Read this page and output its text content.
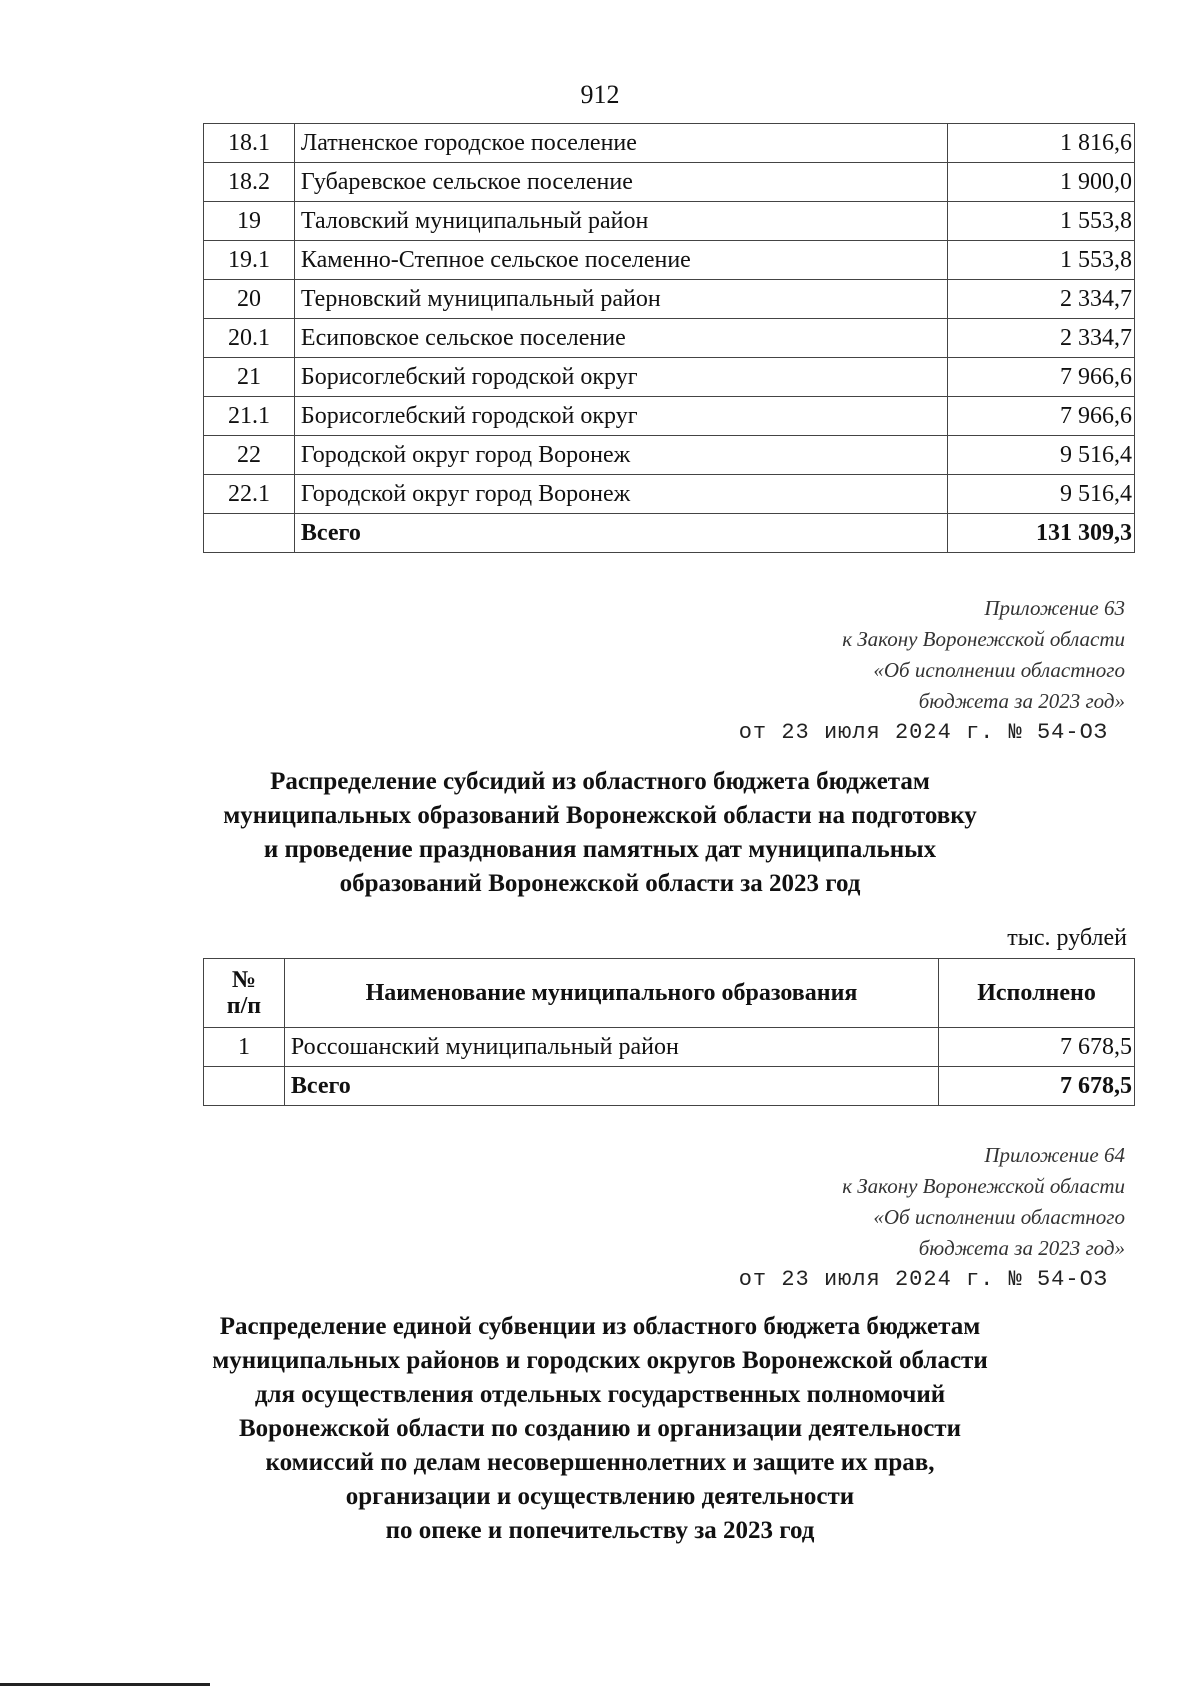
912
18.1	Латненское городское поселение	1 816,6
18.2	Губаревское сельское поселение	1 900,0
19	Таловский муниципальный район	1 553,8
19.1	Каменно-Степное сельское поселение	1 553,8
20	Терновский муниципальный район	2 334,7
20.1	Есиповское сельское поселение	2 334,7
21	Борисоглебский городской округ	7 966,6
21.1	Борисоглебский городской округ	7 966,6
22	Городской округ город Воронеж	9 516,4
22.1	Городской округ город Воронеж	9 516,4
	Всего	131 309,3
Приложение 63
к Закону Воронежской области
«Об исполнении областного
бюджета за 2023 год»
от 23 июля 2024 г. № 54-ОЗ
Распределение субсидий из областного бюджета бюджетам
муниципальных образований Воронежской области на подготовку
и проведение празднования памятных дат муниципальных
образований Воронежской области за 2023 год
тыс. рублей
№
п/п	Наименование муниципального образования	Исполнено
1	Россошанский муниципальный район	7 678,5
	Всего	7 678,5
Приложение 64
к Закону Воронежской области
«Об исполнении областного
бюджета за 2023 год»
от 23 июля 2024 г. № 54-ОЗ
Распределение единой субвенции из областного бюджета бюджетам
муниципальных районов и городских округов Воронежской области
для осуществления отдельных государственных полномочий
Воронежской области по созданию и организации деятельности
комиссий по делам несовершеннолетних и защите их прав,
организации и осуществлению деятельности
по опеке и попечительству за 2023 год
